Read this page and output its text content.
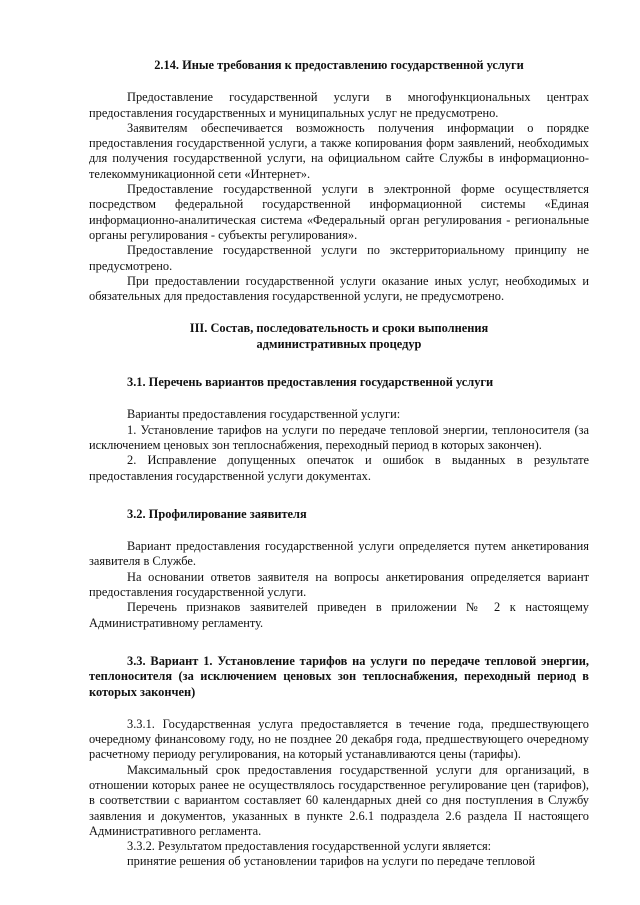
2.14. Иные требования к предоставлению государственной услуги

Предоставление государственной услуги в многофункциональных центрах предоставления государственных и муниципальных услуг не предусмотрено.

Заявителям обеспечивается возможность получения информации о порядке предоставления государственной услуги, а также копирования форм заявлений, необходимых для получения государственной услуги, на официальном сайте Службы в информационно-телекоммуникационной сети «Интернет».

Предоставление государственной услуги в электронной форме осуществляется посредством федеральной государственной информационной системы «Единая информационно-аналитическая система «Федеральный орган регулирования - региональные органы регулирования - субъекты регулирования».

Предоставление государственной услуги по экстерриториальному принципу не предусмотрено.

При предоставлении государственной услуги оказание иных услуг, необходимых и обязательных для предоставления государственной услуги, не предусмотрено.

III. Состав, последовательность и сроки выполнения

административных процедур

3.1. Перечень вариантов предоставления государственной услуги

Варианты предоставления государственной услуги:

1. Установление тарифов на услуги по передаче тепловой энергии, теплоносителя (за исключением ценовых зон теплоснабжения, переходный период в которых закончен).

2. Исправление допущенных опечаток и ошибок в выданных в результате предоставления государственной услуги документах.

3.2. Профилирование заявителя

Вариант предоставления государственной услуги определяется путем анкетирования заявителя в Службе.

На основании ответов заявителя на вопросы анкетирования определяется вариант предоставления государственной услуги.

Перечень признаков заявителей приведен в приложении № 2 к настоящему Административному регламенту.

3.3. Вариант 1. Установление тарифов на услуги по передаче тепловой энергии, теплоносителя (за исключением ценовых зон теплоснабжения, переходный период в которых закончен)

3.3.1. Государственная услуга предоставляется в течение года, предшествующего очередному финансовому году, но не позднее 20 декабря года, предшествующего очередному расчетному периоду регулирования, на который устанавливаются цены (тарифы).

Максимальный срок предоставления государственной услуги для организаций, в отношении которых ранее не осуществлялось государственное регулирование цен (тарифов), в соответствии с вариантом составляет 60 календарных дней со дня поступления в Службу заявления и документов, указанных в пункте 2.6.1 подраздела 2.6 раздела II настоящего Административного регламента.

3.3.2. Результатом предоставления государственной услуги является:

принятие решения об установлении тарифов на услуги по передаче тепловой
